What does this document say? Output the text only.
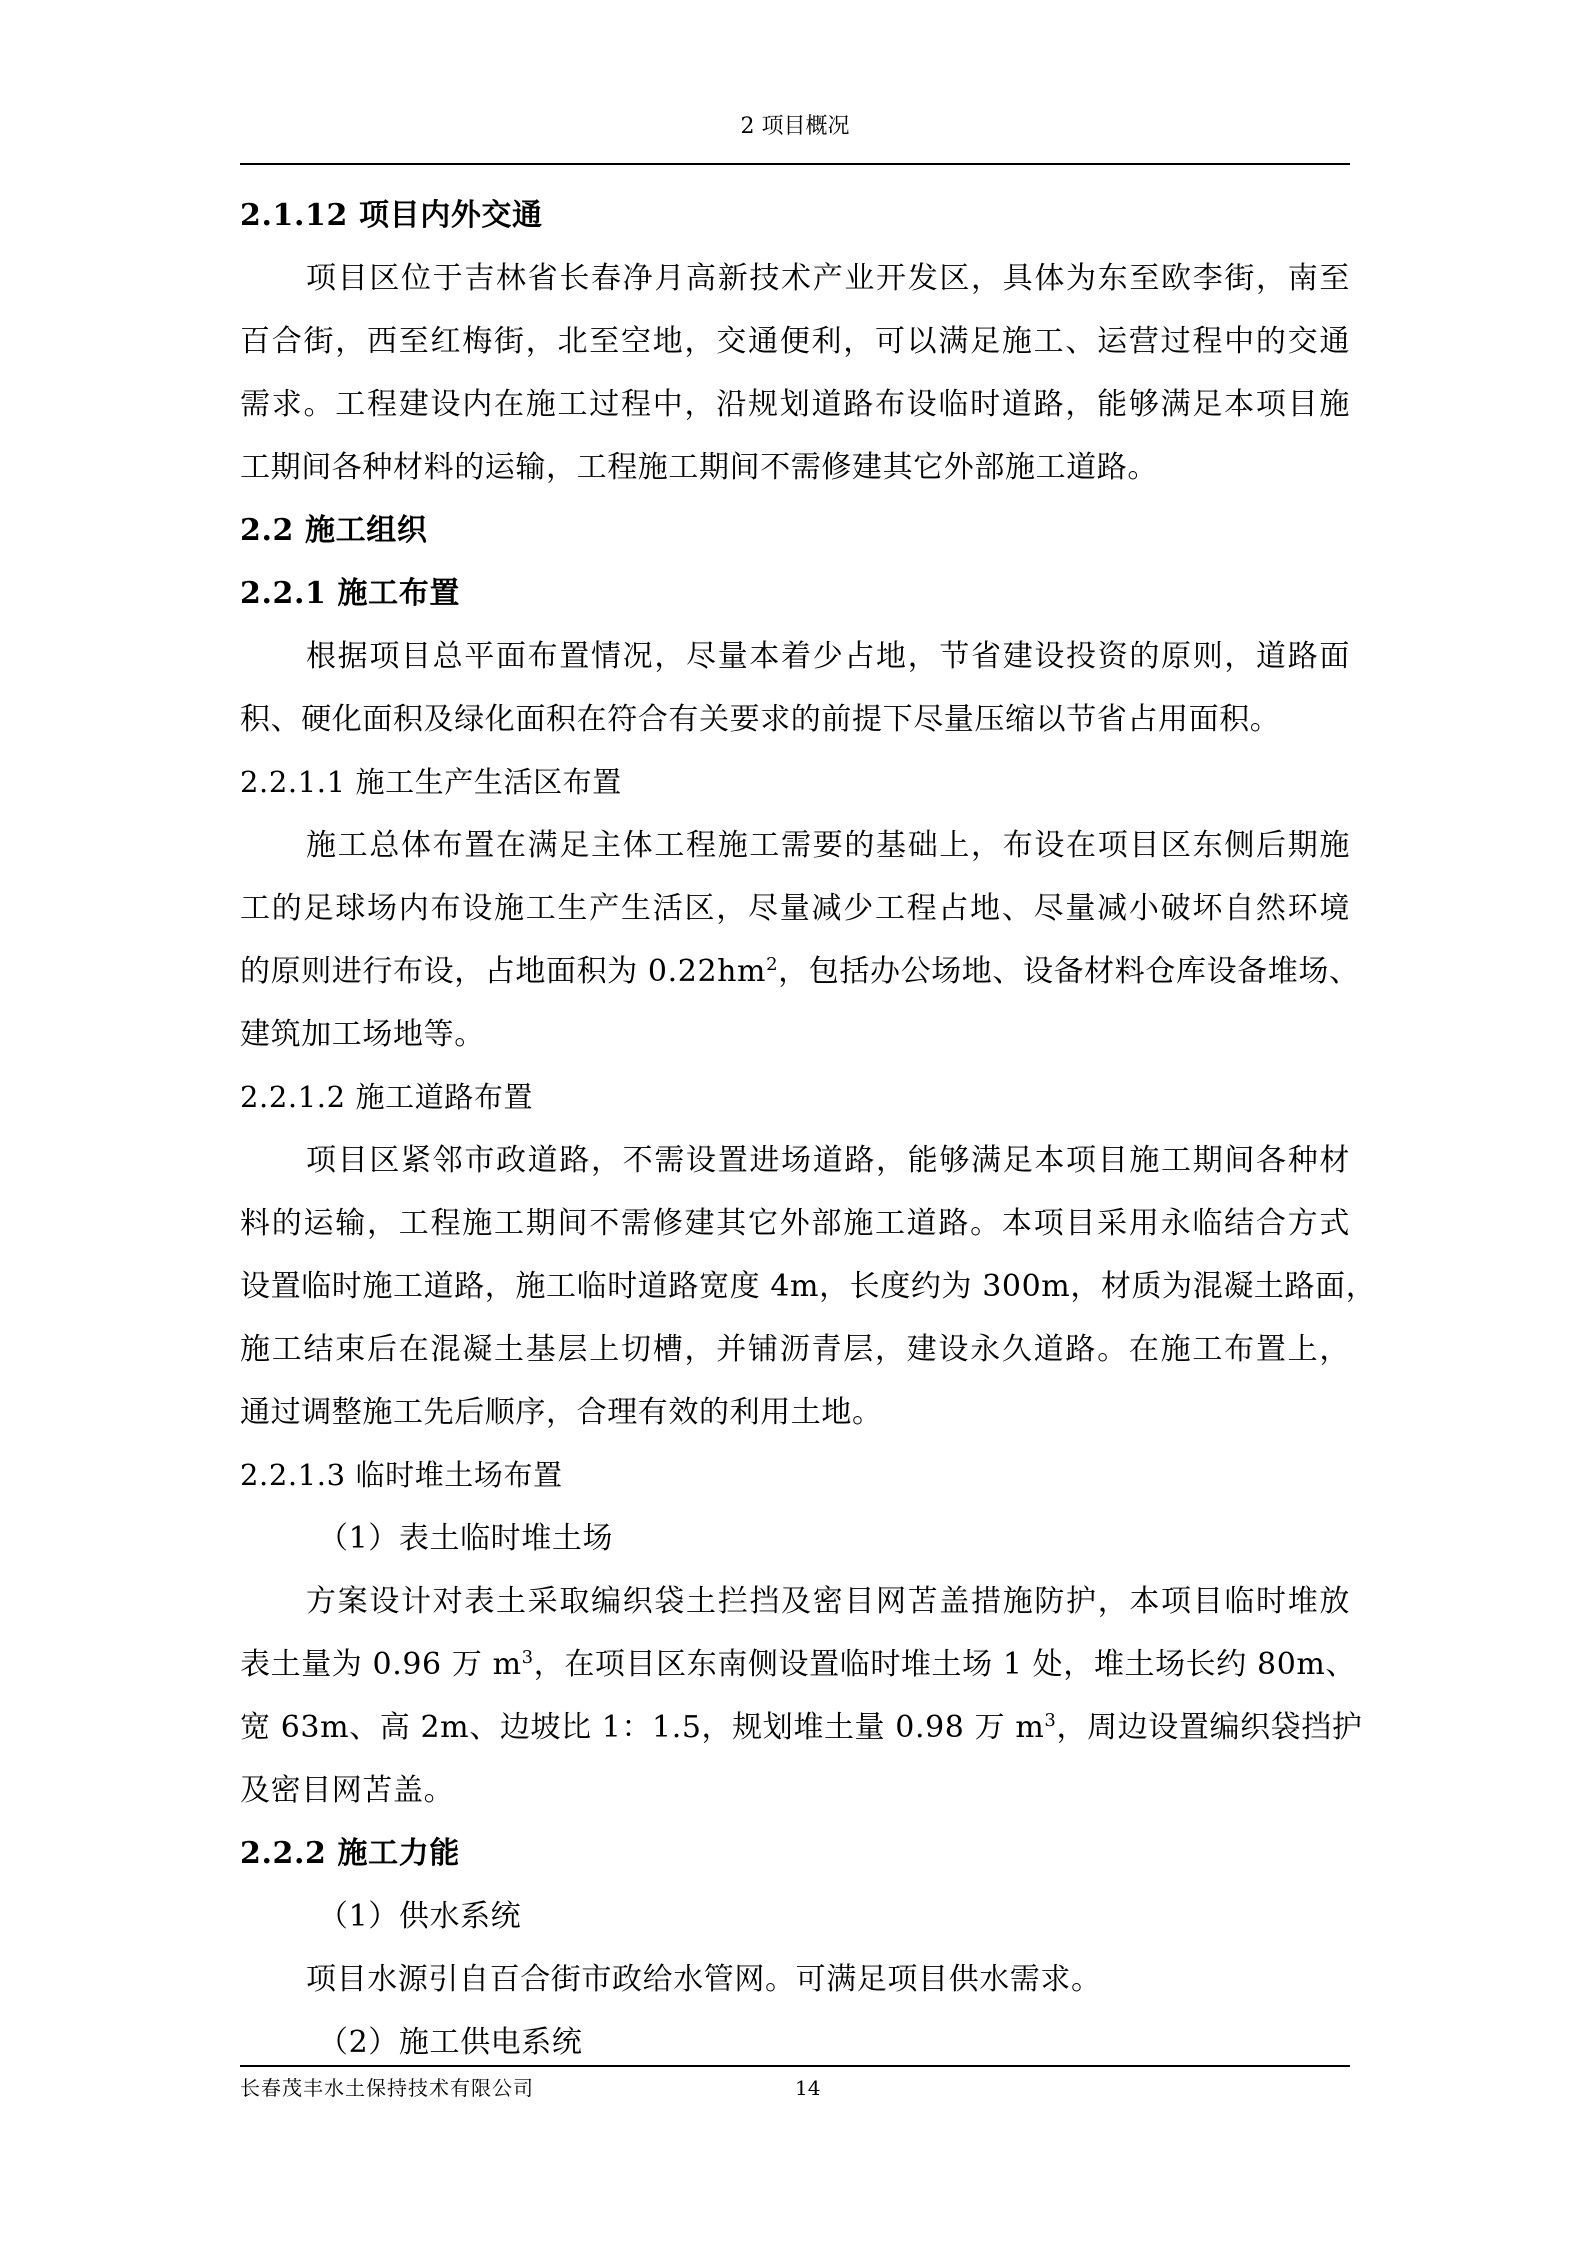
2 项目概况
2.1.12 项目内外交通
项目区位于吉林省长春净月高新技术产业开发区，具体为东至欧李街，南至
百合街，西至红梅街，北至空地，交通便利，可以满足施工、运营过程中的交通
需求。工程建设内在施工过程中，沿规划道路布设临时道路，能够满足本项目施
工期间各种材料的运输，工程施工期间不需修建其它外部施工道路。
2.2 施工组织
2.2.1 施工布置
根据项目总平面布置情况，尽量本着少占地，节省建设投资的原则，道路面
积、硬化面积及绿化面积在符合有关要求的前提下尽量压缩以节省占用面积。
2.2.1.1 施工生产生活区布置
施工总体布置在满足主体工程施工需要的基础上，布设在项目区东侧后期施
工的足球场内布设施工生产生活区，尽量减少工程占地、尽量减小破坏自然环境
的原则进行布设，占地面积为 $0.22hm^2$，包括办公场地、设备材料仓库设备堆场、
建筑加工场地等。
2.2.1.2 施工道路布置
项目区紧邻市政道路，不需设置进场道路，能够满足本项目施工期间各种材
料的运输，工程施工期间不需修建其它外部施工道路。本项目采用永临结合方式
设置临时施工道路，施工临时道路宽度 4m，长度约为 300m，材质为混凝土路面，
施工结束后在混凝土基层上切槽，并铺沥青层，建设永久道路。在施工布置上，
通过调整施工先后顺序，合理有效的利用土地。
2.2.1.3 临时堆土场布置
（1）表土临时堆土场
方案设计对表土采取编织袋土拦挡及密目网苫盖措施防护，本项目临时堆放
表土量为 0.96 万 $m^3$，在项目区东南侧设置临时堆土场 1 处，堆土场长约 80m、
宽 63m、高 2m、边坡比 1：1.5，规划堆土量 0.98 万 $m^3$，周边设置编织袋挡护
及密目网苫盖。
2.2.2 施工力能
（1）供水系统
项目水源引自百合街市政给水管网。可满足项目供水需求。
（2）施工供电系统
长春茂丰水土保持技术有限公司	14
